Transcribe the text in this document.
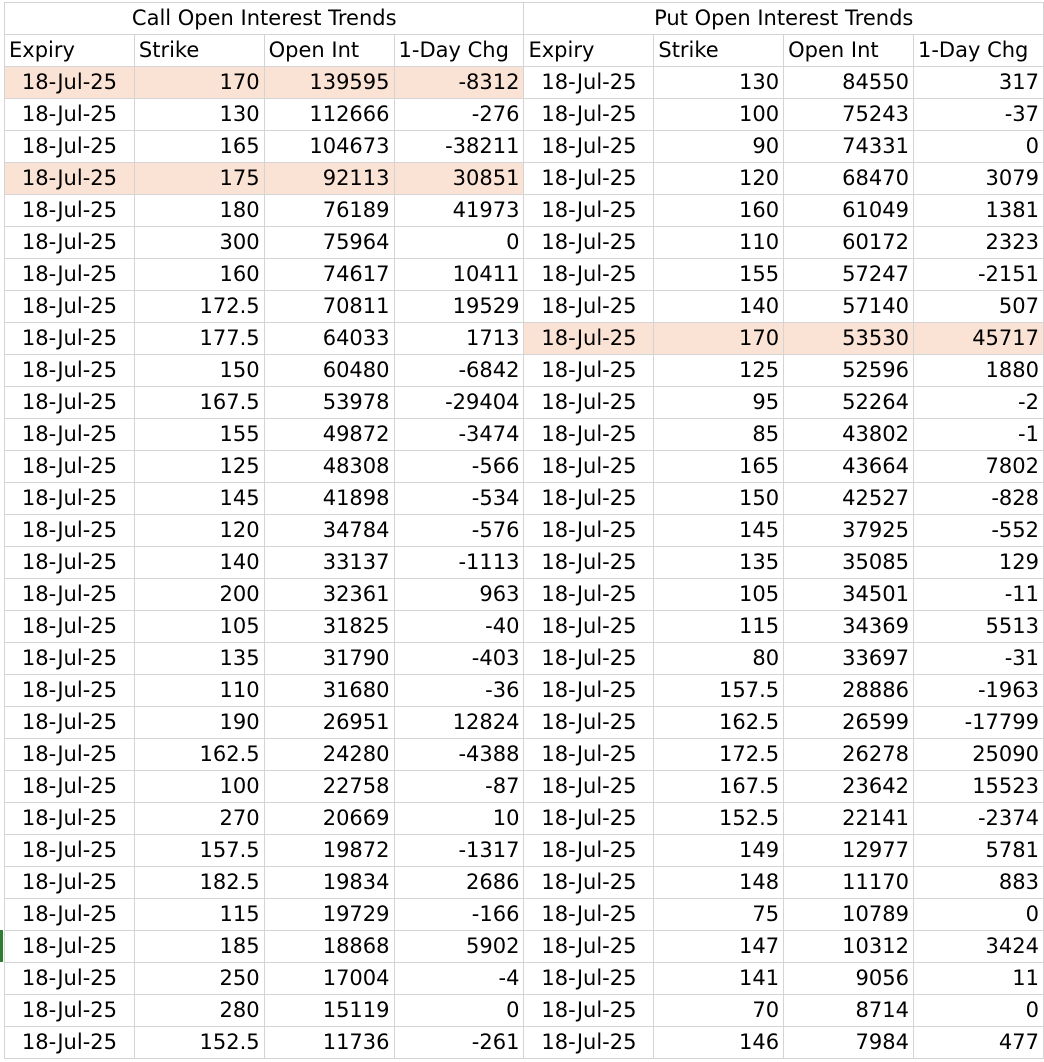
Call Open Interest Trends				Put Open Interest Trends			
Expiry	Strike	Open Int	1-Day Chg	Expiry	Strike	Open Int	1-Day Chg
18-Jul-25	170	139595	-8312	18-Jul-25	130	84550	317
18-Jul-25	130	112666	-276	18-Jul-25	100	75243	-37
18-Jul-25	165	104673	-38211	18-Jul-25	90	74331	0
18-Jul-25	175	92113	30851	18-Jul-25	120	68470	3079
18-Jul-25	180	76189	41973	18-Jul-25	160	61049	1381
18-Jul-25	300	75964	0	18-Jul-25	110	60172	2323
18-Jul-25	160	74617	10411	18-Jul-25	155	57247	-2151
18-Jul-25	172.5	70811	19529	18-Jul-25	140	57140	507
18-Jul-25	177.5	64033	1713	18-Jul-25	170	53530	45717
18-Jul-25	150	60480	-6842	18-Jul-25	125	52596	1880
18-Jul-25	167.5	53978	-29404	18-Jul-25	95	52264	-2
18-Jul-25	155	49872	-3474	18-Jul-25	85	43802	-1
18-Jul-25	125	48308	-566	18-Jul-25	165	43664	7802
18-Jul-25	145	41898	-534	18-Jul-25	150	42527	-828
18-Jul-25	120	34784	-576	18-Jul-25	145	37925	-552
18-Jul-25	140	33137	-1113	18-Jul-25	135	35085	129
18-Jul-25	200	32361	963	18-Jul-25	105	34501	-11
18-Jul-25	105	31825	-40	18-Jul-25	115	34369	5513
18-Jul-25	135	31790	-403	18-Jul-25	80	33697	-31
18-Jul-25	110	31680	-36	18-Jul-25	157.5	28886	-1963
18-Jul-25	190	26951	12824	18-Jul-25	162.5	26599	-17799
18-Jul-25	162.5	24280	-4388	18-Jul-25	172.5	26278	25090
18-Jul-25	100	22758	-87	18-Jul-25	167.5	23642	15523
18-Jul-25	270	20669	10	18-Jul-25	152.5	22141	-2374
18-Jul-25	157.5	19872	-1317	18-Jul-25	149	12977	5781
18-Jul-25	182.5	19834	2686	18-Jul-25	148	11170	883
18-Jul-25	115	19729	-166	18-Jul-25	75	10789	0
18-Jul-25	185	18868	5902	18-Jul-25	147	10312	3424
18-Jul-25	250	17004	-4	18-Jul-25	141	9056	11
18-Jul-25	280	15119	0	18-Jul-25	70	8714	0
18-Jul-25	152.5	11736	-261	18-Jul-25	146	7984	477
